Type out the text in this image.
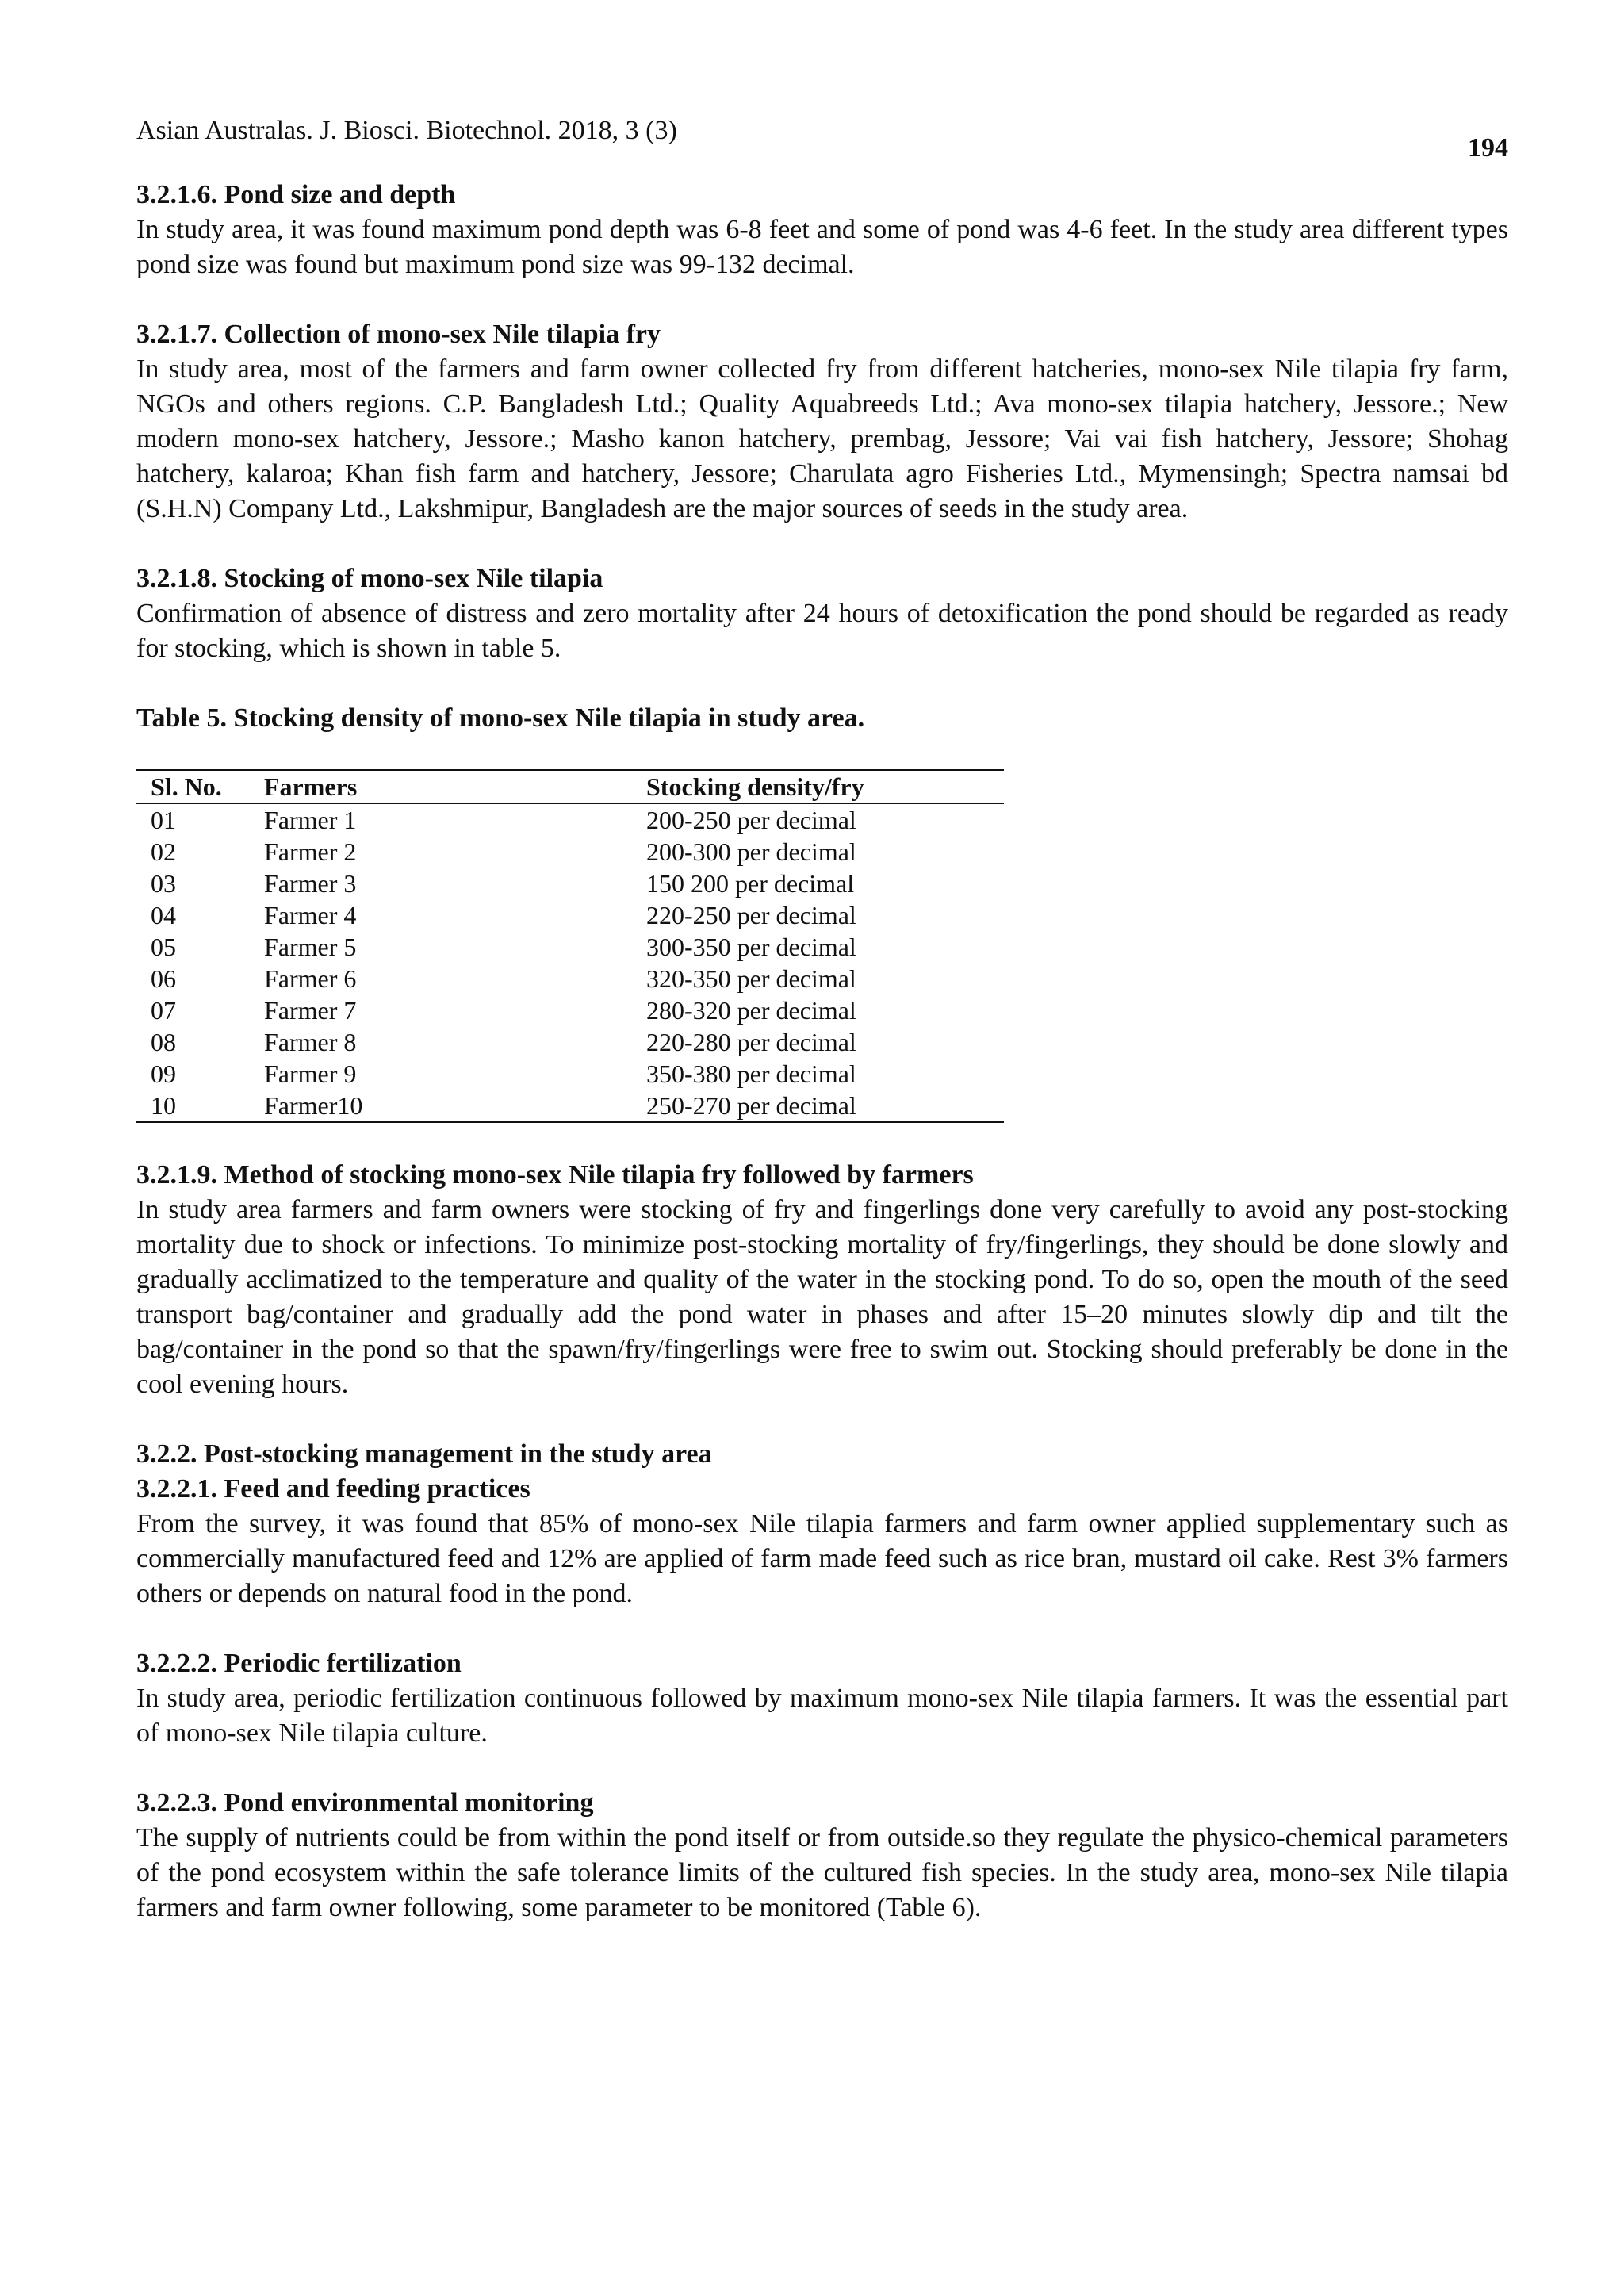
Asian Australas. J. Biosci. Biotechnol. 2018, 3 (3)
194

3.2.1.6. Pond size and depth

In study area, it was found maximum pond depth was 6-8 feet and some of pond was 4-6 feet. In the study area different types pond size was found but maximum pond size was 99-132 decimal.

3.2.1.7. Collection of mono-sex Nile tilapia fry

In study area, most of the farmers and farm owner collected fry from different hatcheries, mono-sex Nile tilapia fry farm, NGOs and others regions. C.P. Bangladesh Ltd.; Quality Aquabreeds Ltd.; Ava mono-sex tilapia hatchery, Jessore.; New modern mono-sex hatchery, Jessore.; Masho kanon hatchery, prembag, Jessore; Vai vai fish hatchery, Jessore; Shohag hatchery, kalaroa; Khan fish farm and hatchery, Jessore; Charulata agro Fisheries Ltd., Mymensingh; Spectra namsai bd (S.H.N) Company Ltd., Lakshmipur, Bangladesh are the major sources of seeds in the study area.

3.2.1.8. Stocking of mono-sex Nile tilapia

Confirmation of absence of distress and zero mortality after 24 hours of detoxification the pond should be regarded as ready for stocking, which is shown in table 5.

Table 5. Stocking density of mono-sex Nile tilapia in study area.

Sl. No.	Farmers	Stocking density/fry
01	Farmer 1	200-250 per decimal
02	Farmer 2	200-300 per decimal
03	Farmer 3	150 200 per decimal
04	Farmer 4	220-250 per decimal
05	Farmer 5	300-350 per decimal
06	Farmer 6	320-350 per decimal
07	Farmer 7	280-320 per decimal
08	Farmer 8	220-280 per decimal
09	Farmer 9	350-380 per decimal
10	Farmer10	250-270 per decimal

3.2.1.9. Method of stocking mono-sex Nile tilapia fry followed by farmers

In study area farmers and farm owners were stocking of fry and fingerlings done very carefully to avoid any post-stocking mortality due to shock or infections. To minimize post-stocking mortality of fry/fingerlings, they should be done slowly and gradually acclimatized to the temperature and quality of the water in the stocking pond. To do so, open the mouth of the seed transport bag/container and gradually add the pond water in phases and after 15–20 minutes slowly dip and tilt the bag/container in the pond so that the spawn/fry/fingerlings were free to swim out. Stocking should preferably be done in the cool evening hours.

3.2.2. Post-stocking management in the study area

3.2.2.1. Feed and feeding practices

From the survey, it was found that 85% of mono-sex Nile tilapia farmers and farm owner applied supplementary such as commercially manufactured feed and 12% are applied of farm made feed such as rice bran, mustard oil cake. Rest 3% farmers others or depends on natural food in the pond.

3.2.2.2. Periodic fertilization

In study area, periodic fertilization continuous followed by maximum mono-sex Nile tilapia farmers. It was the essential part of mono-sex Nile tilapia culture.

3.2.2.3. Pond environmental monitoring

The supply of nutrients could be from within the pond itself or from outside.so they regulate the physico-chemical parameters of the pond ecosystem within the safe tolerance limits of the cultured fish species. In the study area, mono-sex Nile tilapia farmers and farm owner following, some parameter to be monitored (Table 6).
